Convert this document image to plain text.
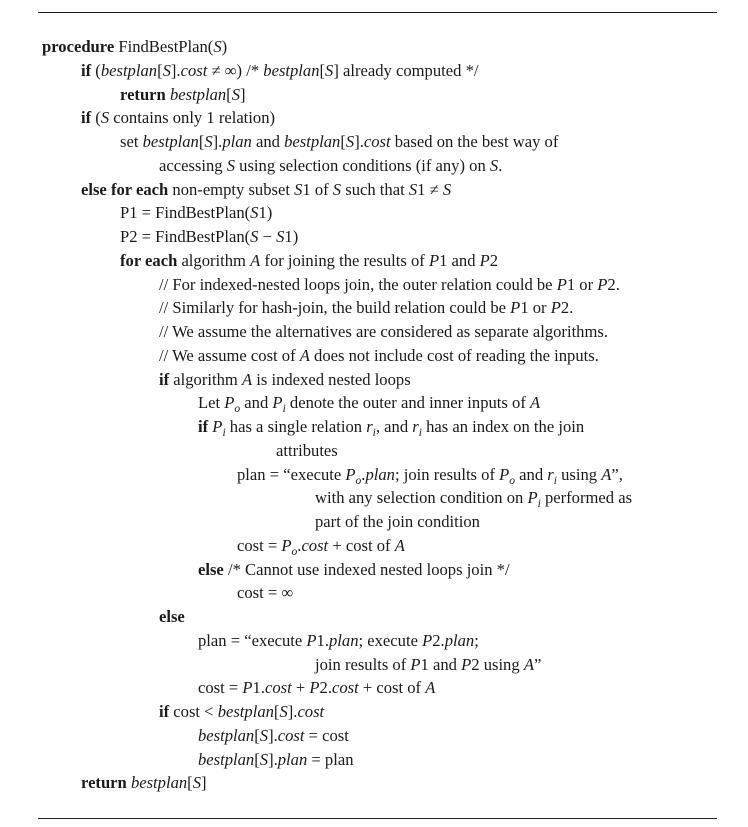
procedure FindBestPlan(S)
if (bestplan[S].cost ≠ ∞) /* bestplan[S] already computed */
return bestplan[S]
if (S contains only 1 relation)
set bestplan[S].plan and bestplan[S].cost based on the best way of
accessing S using selection conditions (if any) on S.
else for each non-empty subset S1 of S such that S1 ≠ S
P1 = FindBestPlan(S1)
P2 = FindBestPlan(S − S1)
for each algorithm A for joining the results of P1 and P2
// For indexed-nested loops join, the outer relation could be P1 or P2.
// Similarly for hash-join, the build relation could be P1 or P2.
// We assume the alternatives are considered as separate algorithms.
// We assume cost of A does not include cost of reading the inputs.
if algorithm A is indexed nested loops
Let $P_o$ and $P_i$ denote the outer and inner inputs of A
if $P_i$ has a single relation $r_i$, and $r_i$ has an index on the join
attributes
plan = “execute $P_o.plan$; join results of $P_o$ and $r_i$ using A”,
with any selection condition on $P_i$ performed as
part of the join condition
$\cos t = P_o.\cos t + \cos t$ of A
else /* Cannot use indexed nested loops join */
cost = ∞
else
plan = “execute P1.plan; execute P2.plan;
join results of P1 and P2 using A”
cost = P1.cost + P2.cost + cost of A
if cost < bestplan[S].cost
bestplan[S].cost = cost
bestplan[S].plan = plan
return bestplan[S]
